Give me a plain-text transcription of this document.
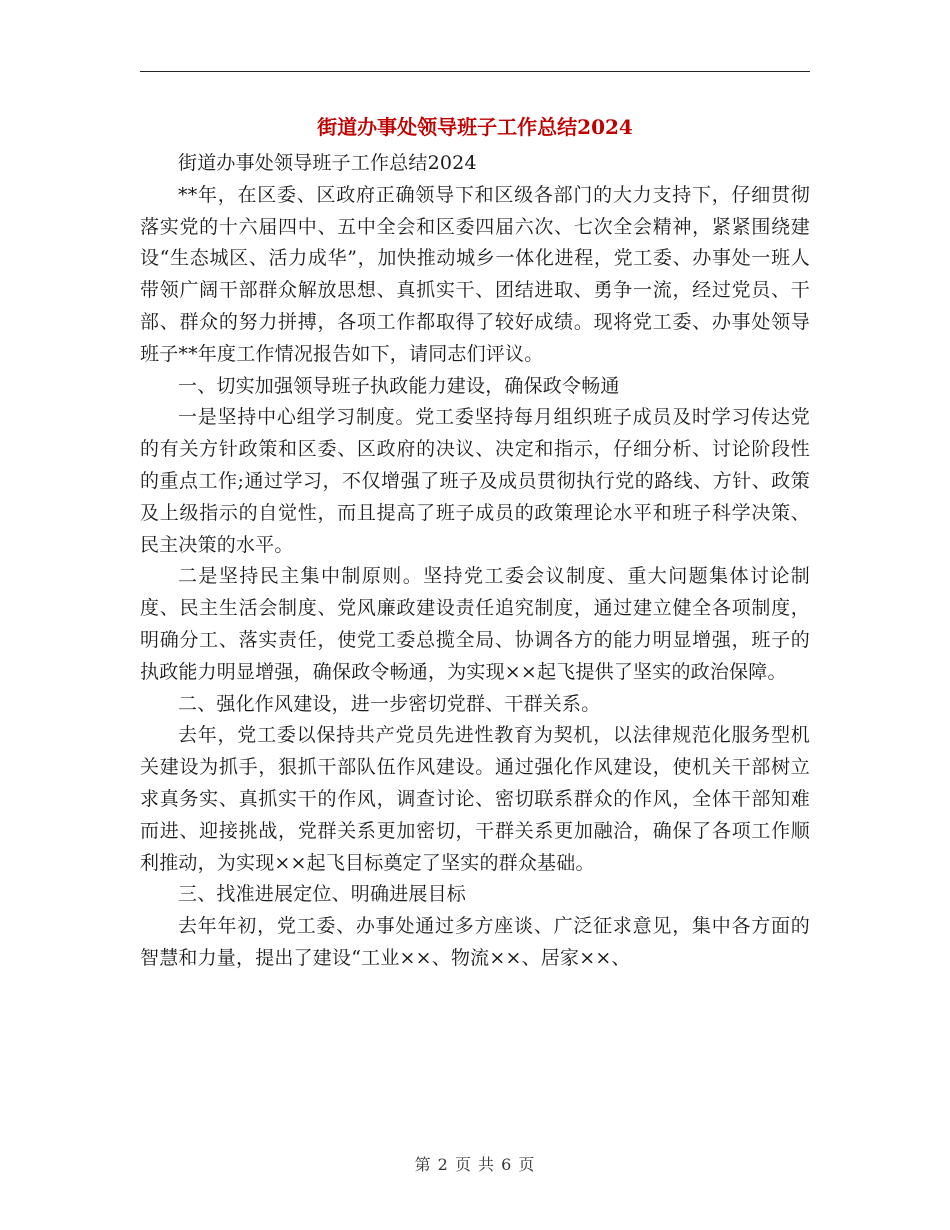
街道办事处领导班子工作总结2024

街道办事处领导班子工作总结2024

**年，在区委、区政府正确领导下和区级各部门的大力支持下，仔细贯彻落实党的十六届四中、五中全会和区委四届六次、七次全会精神，紧紧围绕建设“生态城区、活力成华”，加快推动城乡一体化进程，党工委、办事处一班人带领广阔干部群众解放思想、真抓实干、团结进取、勇争一流，经过党员、干部、群众的努力拼搏，各项工作都取得了较好成绩。现将党工委、办事处领导班子**年度工作情况报告如下，请同志们评议。

一、切实加强领导班子执政能力建设，确保政令畅通

一是坚持中心组学习制度。党工委坚持每月组织班子成员及时学习传达党的有关方针政策和区委、区政府的决议、决定和指示，仔细分析、讨论阶段性的重点工作;通过学习，不仅增强了班子及成员贯彻执行党的路线、方针、政策及上级指示的自觉性，而且提高了班子成员的政策理论水平和班子科学决策、民主决策的水平。

二是坚持民主集中制原则。坚持党工委会议制度、重大问题集体讨论制度、民主生活会制度、党风廉政建设责任追究制度，通过建立健全各项制度，明确分工、落实责任，使党工委总揽全局、协调各方的能力明显增强，班子的执政能力明显增强，确保政令畅通，为实现××起飞提供了坚实的政治保障。

二、强化作风建设，进一步密切党群、干群关系。

去年，党工委以保持共产党员先进性教育为契机，以法律规范化服务型机关建设为抓手，狠抓干部队伍作风建设。通过强化作风建设，使机关干部树立求真务实、真抓实干的作风，调查讨论、密切联系群众的作风，全体干部知难而进、迎接挑战，党群关系更加密切，干群关系更加融洽，确保了各项工作顺利推动，为实现××起飞目标奠定了坚实的群众基础。

三、找准进展定位、明确进展目标

去年年初，党工委、办事处通过多方座谈、广泛征求意见，集中各方面的智慧和力量，提出了建设“工业××、物流××、居家××、

第 2 页 共 6 页
